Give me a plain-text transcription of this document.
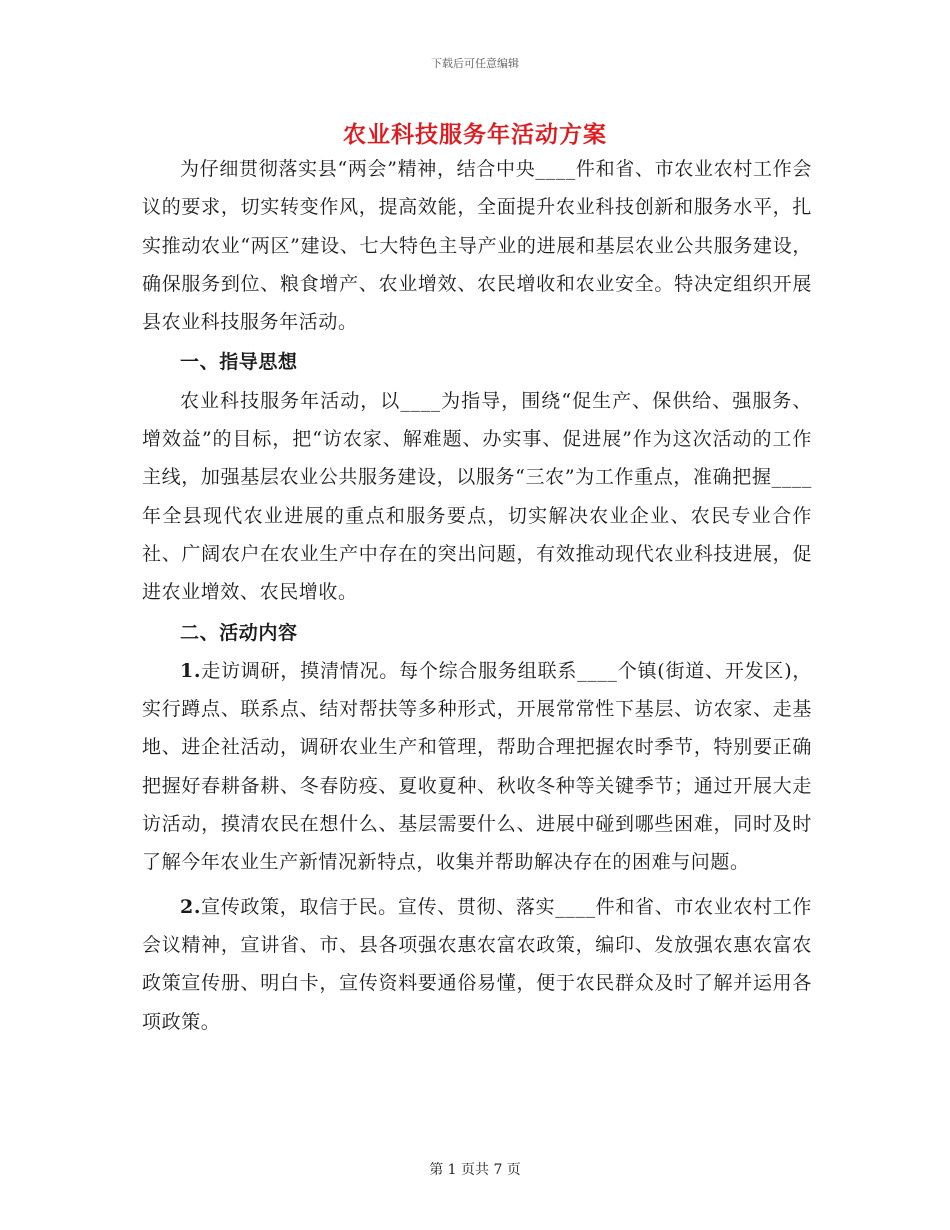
下载后可任意编辑
农业科技服务年活动方案

为仔细贯彻落实县“两会”精神，结合中央____件和省、市农业农村工作会议的要求，切实转变作风，提高效能，全面提升农业科技创新和服务水平，扎实推动农业“两区”建设、七大特色主导产业的进展和基层农业公共服务建设，确保服务到位、粮食增产、农业增效、农民增收和农业安全。特决定组织开展县农业科技服务年活动。

一、指导思想

农业科技服务年活动，以____为指导，围绕“促生产、保供给、强服务、增效益”的目标，把“访农家、解难题、办实事、促进展”作为这次活动的工作主线，加强基层农业公共服务建设，以服务“三农”为工作重点，准确把握____年全县现代农业进展的重点和服务要点，切实解决农业企业、农民专业合作社、广阔农户在农业生产中存在的突出问题，有效推动现代农业科技进展，促进农业增效、农民增收。

二、活动内容

1.走访调研，摸清情况。每个综合服务组联系____个镇(街道、开发区)，实行蹲点、联系点、结对帮扶等多种形式，开展常常性下基层、访农家、走基地、进企社活动，调研农业生产和管理，帮助合理把握农时季节，特别要正确把握好春耕备耕、冬春防疫、夏收夏种、秋收冬种等关键季节；通过开展大走访活动，摸清农民在想什么、基层需要什么、进展中碰到哪些困难，同时及时了解今年农业生产新情况新特点，收集并帮助解决存在的困难与问题。

2.宣传政策，取信于民。宣传、贯彻、落实____件和省、市农业农村工作会议精神，宣讲省、市、县各项强农惠农富农政策，编印、发放强农惠农富农政策宣传册、明白卡，宣传资料要通俗易懂，便于农民群众及时了解并运用各项政策。

第 1 页共 7 页
